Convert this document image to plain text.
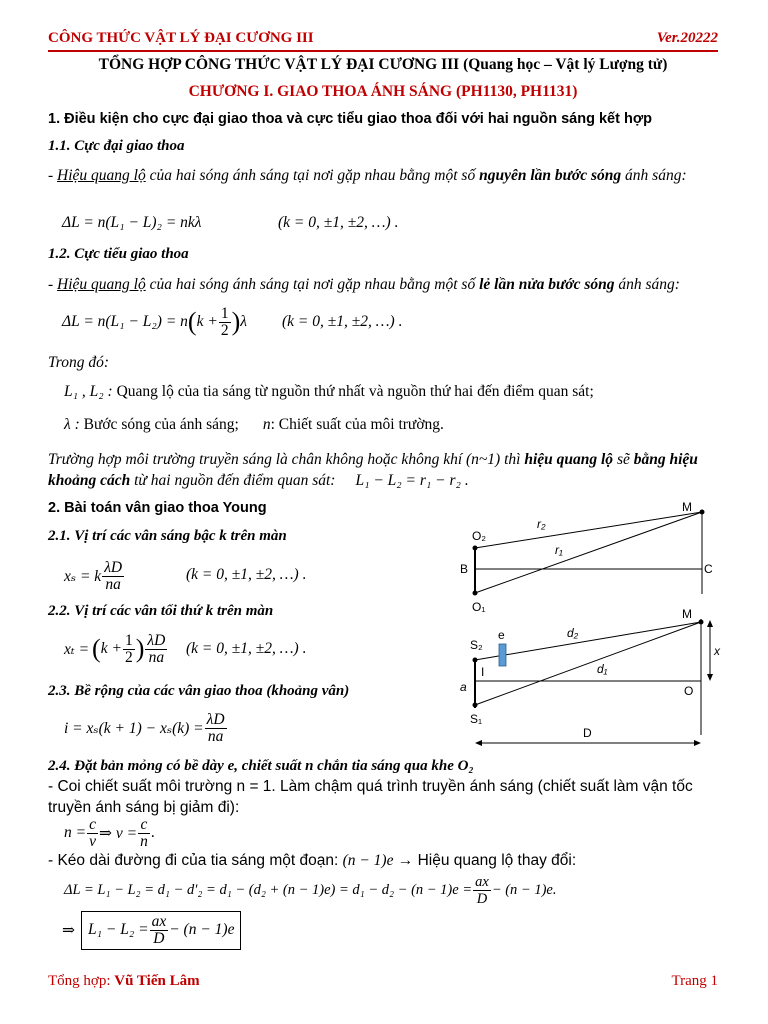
CÔNG THỨC VẬT LÝ ĐẠI CƯƠNG III	Ver.20222
TỔNG HỢP CÔNG THỨC VẬT LÝ ĐẠI CƯƠNG III (Quang học – Vật lý Lượng tử)
CHƯƠNG I. GIAO THOA ÁNH SÁNG (PH1130, PH1131)
1. Điều kiện cho cực đại giao thoa và cực tiểu giao thoa đối với hai nguồn sáng kết hợp
1.1. Cực đại giao thoa
- Hiệu quang lộ của hai sóng ánh sáng tại nơi gặp nhau bằng một số nguyên lần bước sóng ánh sáng:
ΔL = n(L₁ − L)₂ = nkλ	(k = 0, ±1, ±2, …) .
1.2. Cực tiểu giao thoa
- Hiệu quang lộ của hai sóng ánh sáng tại nơi gặp nhau bằng một số lẻ lần nửa bước sóng ánh sáng:
ΔL = n(L₁ − L₂) = n ( $k + \frac{1}{2}$ ) λ (k = 0, ±1, ±2, …) .
Trong đó:
L₁ , L₂ : Quang lộ của tia sáng từ nguồn thứ nhất và nguồn thứ hai đến điểm quan sát;
λ : Bước sóng của ánh sáng; n: Chiết suất của môi trường.
Trường hợp môi trường truyền sáng là chân không hoặc không khí (n~1) thì hiệu quang lộ sẽ bằng hiệu khoảng cách từ hai nguồn đến điểm quan sát: L₁ − L₂ = r₁ − r₂ .
2. Bài toán vân giao thoa Young
2.1. Vị trí các vân sáng bậc k trên màn
xₛ = k $\frac{\lambda D}{na}$	(k = 0, ±1, ±2, …) .
2.2. Vị trí các vân tối thứ k trên màn
xₜ = ( $k + \frac{1}{2}$ ) $\frac{\lambda D}{na} (k = 0$, ±1, ±2, …) .
2.3. Bề rộng của các vân giao thoa (khoảng vân)
$i = x_s(k + 1) - x_s(k) = \frac{\lambda D}{na}$
2.4. Đặt bản mỏng có bề dày e, chiết suất n chắn tia sáng qua khe O₂
- Coi chiết suất môi trường n = 1. Làm chậm quá trình truyền ánh sáng (chiết suất làm vận tốc truyền ánh sáng bị giảm đi):
$n = \frac{c}{v}$ ⇒ $v = \frac{c}{n}$ .
- Kéo dài đường đi của tia sáng một đoạn: (n − 1)e → Hiệu quang lộ thay đổi:
$\Delta L = L_1 - L_2 = d_1 - d'_2 = d_1 - (d_2 + (n - 1)e) = d_1 - d_2 - (n - 1)e = \frac{ax}{D} - (n - 1)e$.
⇒ $L_1 - L_2 = \frac{ax}{D} - (n - 1)e$
O₂
O₁
B	C
M
r₂
r₁
S₂
S₁
e
I
a
M
O
x
d₂
d₁
D
Tổng hợp: Vũ Tiến Lâm	Trang 1
